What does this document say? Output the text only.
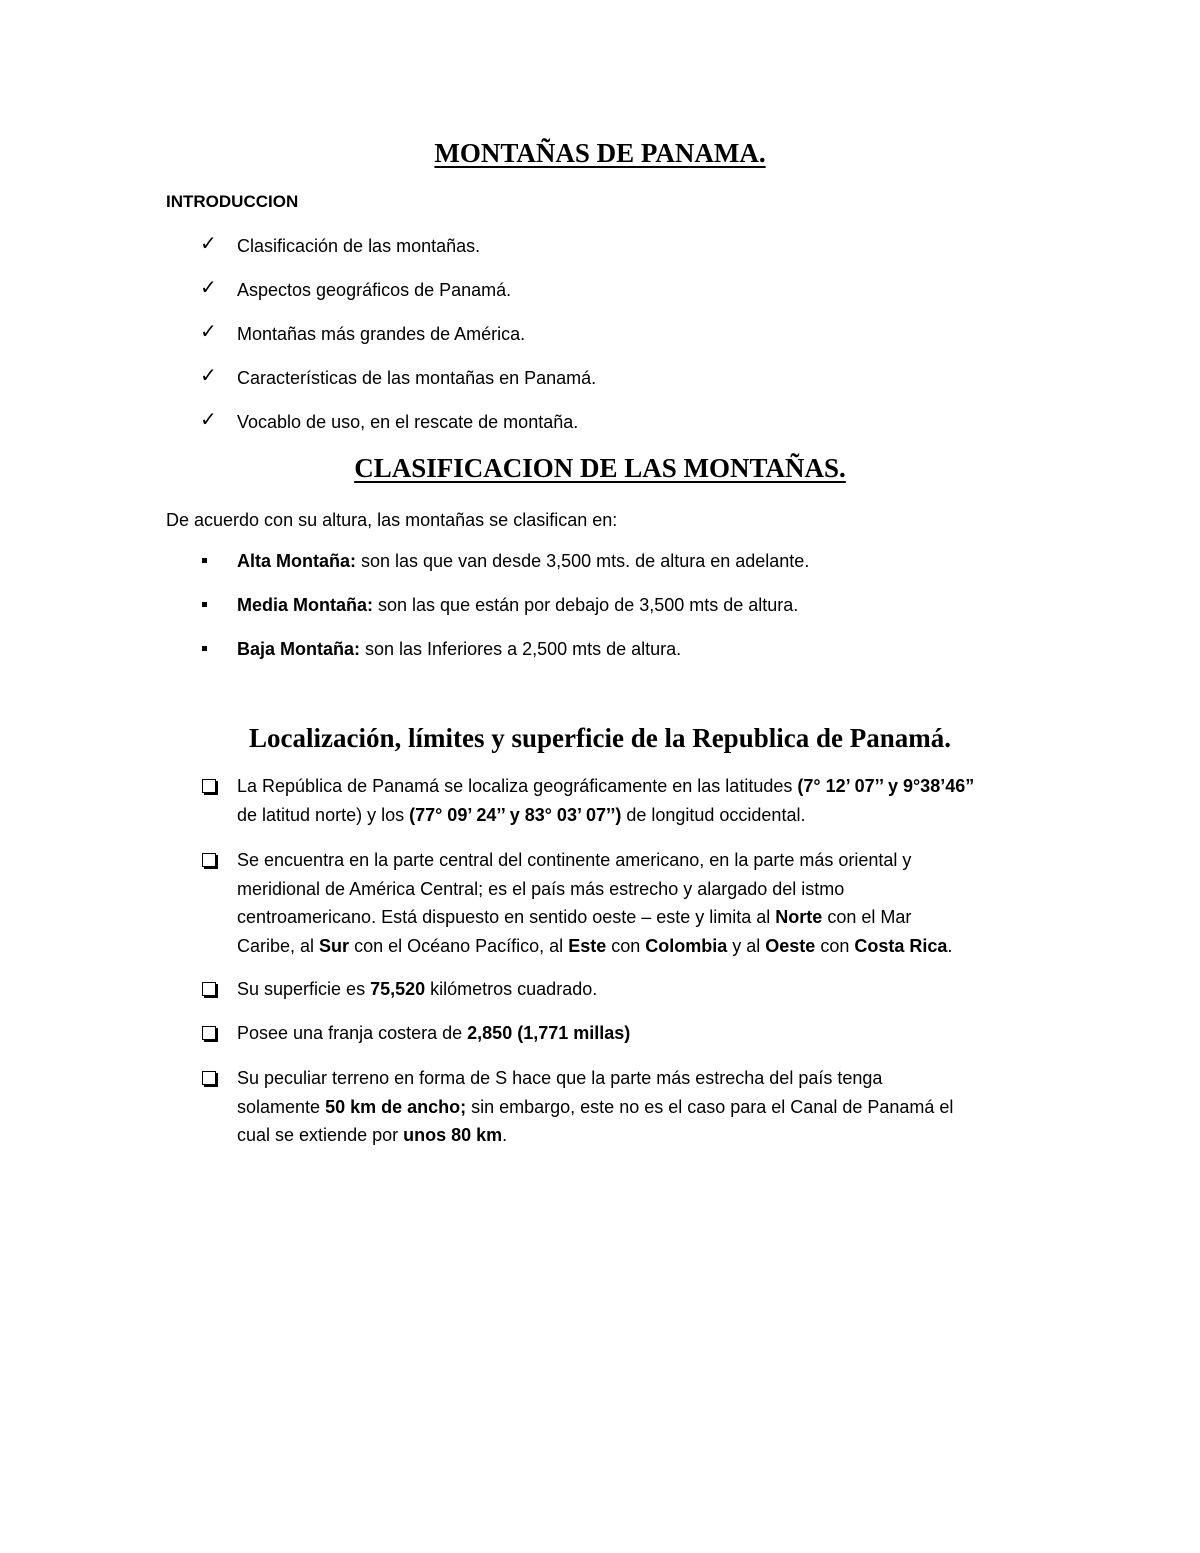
MONTAÑAS DE PANAMA.
INTRODUCCION
✓	Clasificación de las montañas.
✓	Aspectos geográficos de Panamá.
✓	Montañas más grandes de América.
✓	Características de las montañas en Panamá.
✓	Vocablo de uso, en el rescate de montaña.
CLASIFICACION DE LAS MONTAÑAS.
De acuerdo con su altura, las montañas se clasifican en:
Alta Montaña: son las que van desde 3,500 mts. de altura en adelante.
Media Montaña: son las que están por debajo de 3,500 mts de altura.
Baja Montaña: son las Inferiores a 2,500 mts de altura.
Localización, límites y superficie de la Republica de Panamá.
La República de Panamá se localiza geográficamente en las latitudes (7° 12’ 07’’ y 9°38’46”
de latitud norte) y los (77° 09’ 24’’ y 83° 03’ 07’’) de longitud occidental.
Se encuentra en la parte central del continente americano, en la parte más oriental y
meridional de América Central; es el país más estrecho y alargado del istmo
centroamericano. Está dispuesto en sentido oeste – este y limita al Norte con el Mar
Caribe, al Sur con el Océano Pacífico, al Este con Colombia y al Oeste con Costa Rica.
Su superficie es 75,520 kilómetros cuadrado.
Posee una franja costera de 2,850 (1,771 millas)
Su peculiar terreno en forma de S hace que la parte más estrecha del país tenga
solamente 50 km de ancho; sin embargo, este no es el caso para el Canal de Panamá el
cual se extiende por unos 80 km.
